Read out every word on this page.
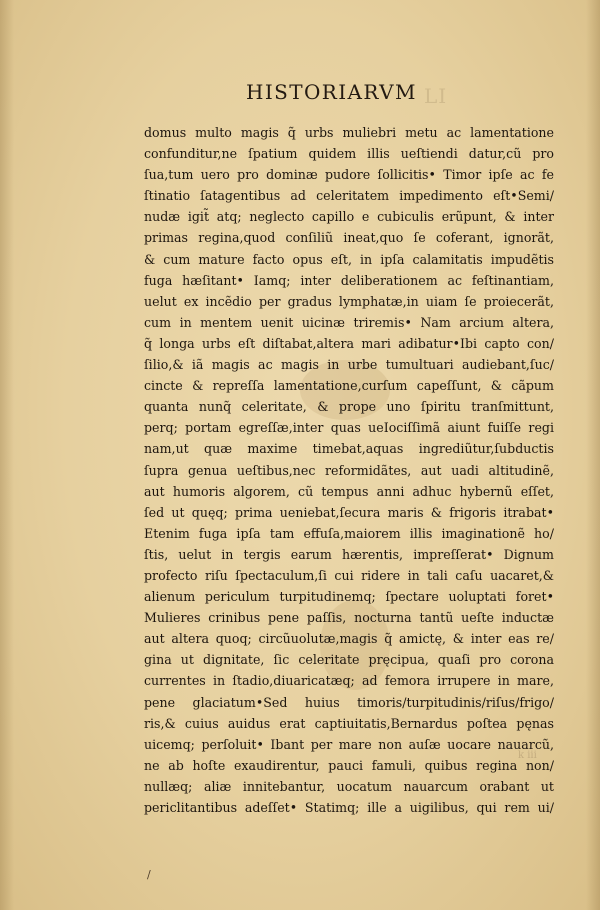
LI
k iii
HISTORIARVM
domus multo magis q̃ urbs muliebri metu ac lamentatione
confunditur,ne ſpatium quidem illis ueſtiendi datur,cũ pro
ſua,tum uero pro dominæ pudore ſollicitis• Timor ipſe ac fe
ſtinatio ſatagentibus ad celeritatem impedimento eſt•Semi/
nudæ igit̃ atq; neglecto capillo e cubiculis erũpunt, & inter
primas regina,quod conſiliũ ineat,quo ſe coferant, ignorãt,
& cum mature facto opus eſt, in ipſa calamitatis impudẽtis
fuga hæſitant• Iamq; inter deliberationem ac feſtinantiam,
uelut ex incẽdio per gradus lymphatæ,in uiam ſe proiecerãt,
cum in mentem uenit uicinæ triremis• Nam arcium altera,
q̃ longa urbs eſt diſtabat,altera mari adibatur•Ibi capto con/
ſilio,& iã magis ac magis in urbe tumultuari audiebant,ſuc/
cincte & repreſſa lamentatione,curſum capeſſunt, & cãpum
quanta nunq̃ celeritate, & prope uno ſpiritu tranſmittunt,
perq; portam egreſſæ,inter quas ueIociſſimã aiunt fuiſſe regi
nam,ut quæ maxime timebat,aquas ingrediũtur,ſubductis
ſupra genua ueſtibus,nec reformidãtes, aut uadi altitudinẽ,
aut humoris algorem, cũ tempus anni adhuc hybernũ eſſet,
ſed ut quęq; prima ueniebat,ſecura maris & frigoris itrabat•
Etenim fuga ipſa tam effuſa,maiorem illis imaginationẽ ho/
ſtis, uelut in tergis earum hærentis, impreſſerat• Dignum
profecto riſu ſpectaculum,ſi cui ridere in tali caſu uacaret,&
alienum periculum turpitudinemq; ſpectare uoluptati foret•
Mulieres crinibus pene paſſis, nocturna tantũ ueſte inductæ
aut altera quoq; circũuolutæ,magis q̃ amictę, & inter eas re/
gina ut dignitate, ſic celeritate pręcipua, quaſi pro corona
currentes in ſtadio,diuaricatæq; ad femora irrupere in mare,
pene glaciatum•Sed huius timoris/turpitudinis/riſus/frigo/
ris,& cuius auidus erat captiuitatis,Bernardus poſtea pęnas
uicemq; perſoluit• Ibant per mare non auſæ uocare nauarcũ,
ne ab hoſte exaudirentur, pauci famuli, quibus regina non/
nullæq; aliæ innitebantur, uocatum nauarcum orabant ut
periclitantibus adeſſet• Statimq; ille a uigilibus, qui rem ui/
/
